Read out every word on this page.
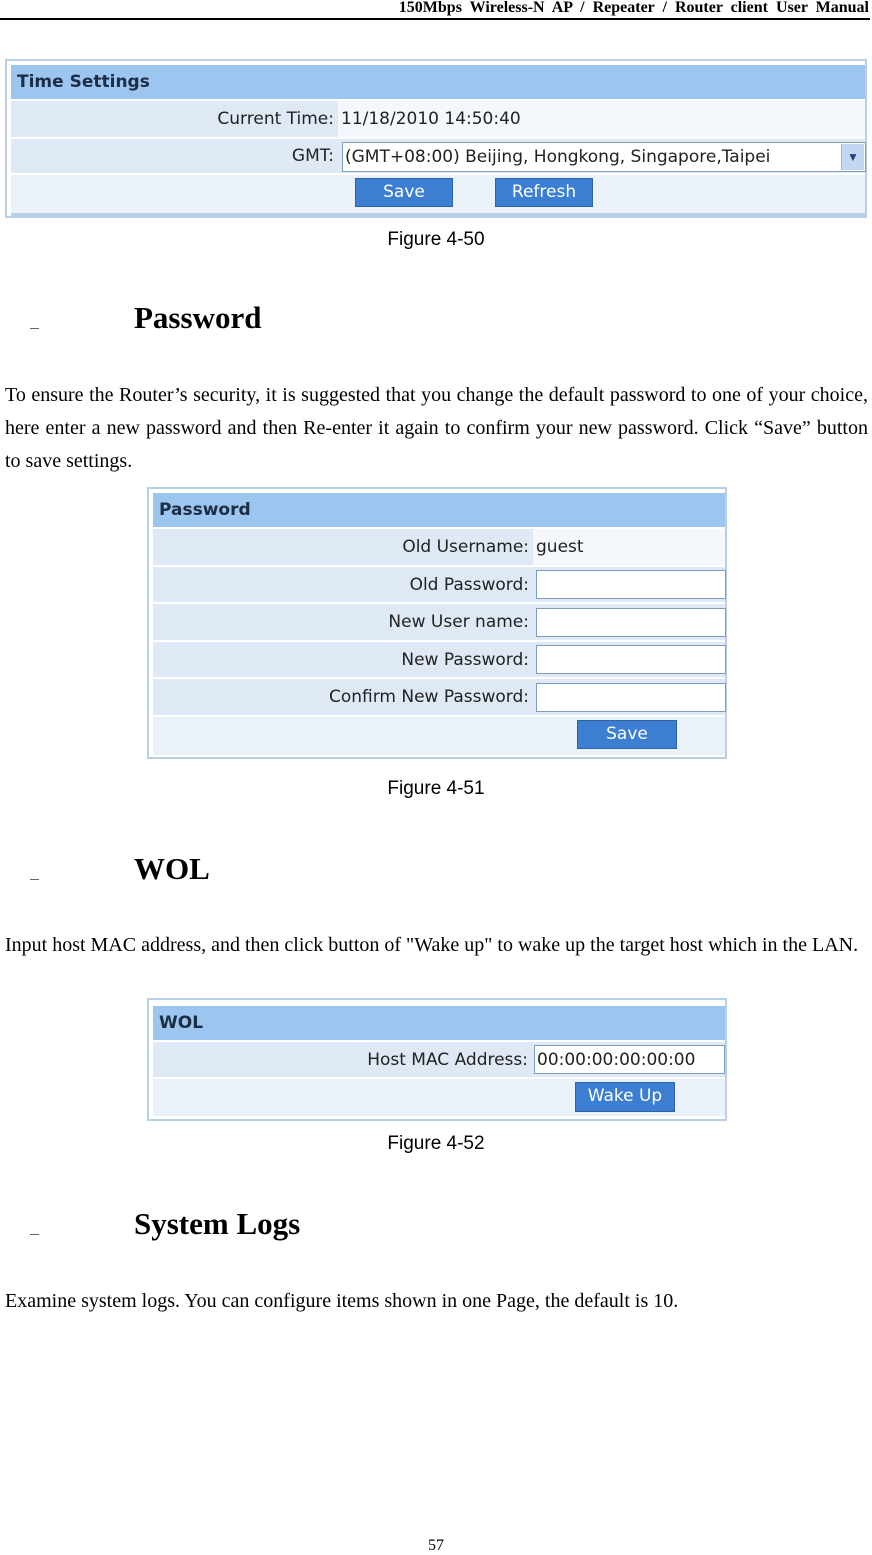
150Mbps Wireless-N AP / Repeater / Router client User Manual
Time Settings
Current Time: 11/18/2010 14:50:40
GMT: (GMT+08:00) Beijing, Hongkong, Singapore,Taipei	▼
Save	Refresh
Figure 4-50
Password
To ensure the Router’s security, it is suggested that you change the default password to one of your choice, here enter a new password and then Re-enter it again to confirm your new password. Click “Save” button to save settings.
Password
Old Username: guest
Old Password:
New User name:
New Password:
Confirm New Password:
Save
Figure 4-51
WOL
Input host MAC address, and then click button of "Wake up" to wake up the target host which in the LAN.
WOL
Host MAC Address: 00:00:00:00:00:00
Wake Up
Figure 4-52
System Logs
Examine system logs. You can configure items shown in one Page, the default is 10.
57
